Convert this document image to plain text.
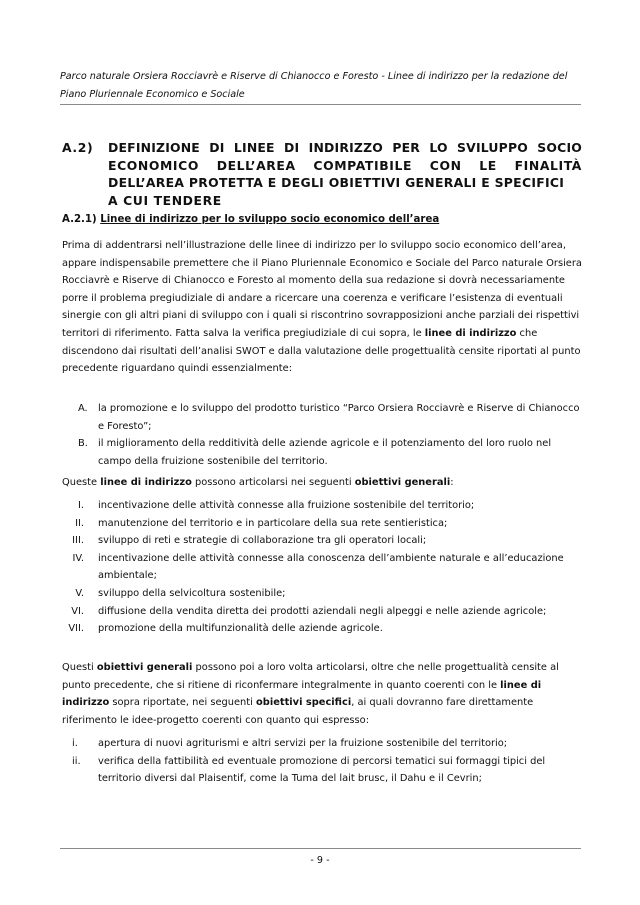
Parco naturale Orsiera Rocciavrè e Riserve di Chianocco e Foresto - Linee di indirizzo per la redazione del Piano Pluriennale Economico e Sociale
A.2)	DEFINIZIONE DI LINEE DI INDIRIZZO PER LO SVILUPPO SOCIO
ECONOMICO DELL’AREA COMPATIBILE CON LE FINALITÀ
DELL’AREA PROTETTA E DEGLI OBIETTIVI GENERALI E SPECIFICI
A CUI TENDERE
A.2.1) Linee di indirizzo per lo sviluppo socio economico dell’area
Prima di addentrarsi nell’illustrazione delle linee di indirizzo per lo sviluppo socio economico dell’area, appare indispensabile premettere che il Piano Pluriennale Economico e Sociale del Parco naturale Orsiera Rocciavrè e Riserve di Chianocco e Foresto al momento della sua redazione si dovrà necessariamente porre il problema pregiudiziale di andare a ricercare una coerenza e verificare l’esistenza di eventuali sinergie con gli altri piani di sviluppo con i quali si riscontrino sovrapposizioni anche parziali dei rispettivi territori di riferimento. Fatta salva la verifica pregiudiziale di cui sopra, le linee di indirizzo che discendono dai risultati dell’analisi SWOT e dalla valutazione delle progettualità censite riportati al punto precedente riguardano quindi essenzialmente:
A. la promozione e lo sviluppo del prodotto turistico “Parco Orsiera Rocciavrè e Riserve di Chianocco e Foresto”;
B. il miglioramento della redditività delle aziende agricole e il potenziamento del loro ruolo nel campo della fruizione sostenibile del territorio.
Queste linee di indirizzo possono articolarsi nei seguenti obiettivi generali:
I. incentivazione delle attività connesse alla fruizione sostenibile del territorio;
II. manutenzione del territorio e in particolare della sua rete sentieristica;
III. sviluppo di reti e strategie di collaborazione tra gli operatori locali;
IV. incentivazione delle attività connesse alla conoscenza dell’ambiente naturale e all’educazione ambientale;
V. sviluppo della selvicoltura sostenibile;
VI. diffusione della vendita diretta dei prodotti aziendali negli alpeggi e nelle aziende agricole;
VII. promozione della multifunzionalità delle aziende agricole.
Questi obiettivi generali possono poi a loro volta articolarsi, oltre che nelle progettualità censite al punto precedente, che si ritiene di riconfermare integralmente in quanto coerenti con le linee di indirizzo sopra riportate, nei seguenti obiettivi specifici, ai quali dovranno fare direttamente riferimento le idee-progetto coerenti con quanto qui espresso:
i. apertura di nuovi agriturismi e altri servizi per la fruizione sostenibile del territorio;
ii. verifica della fattibilità ed eventuale promozione di percorsi tematici sui formaggi tipici del territorio diversi dal Plaisentif, come la Tuma del lait brusc, il Dahu e il Cevrin;
- 9 -
